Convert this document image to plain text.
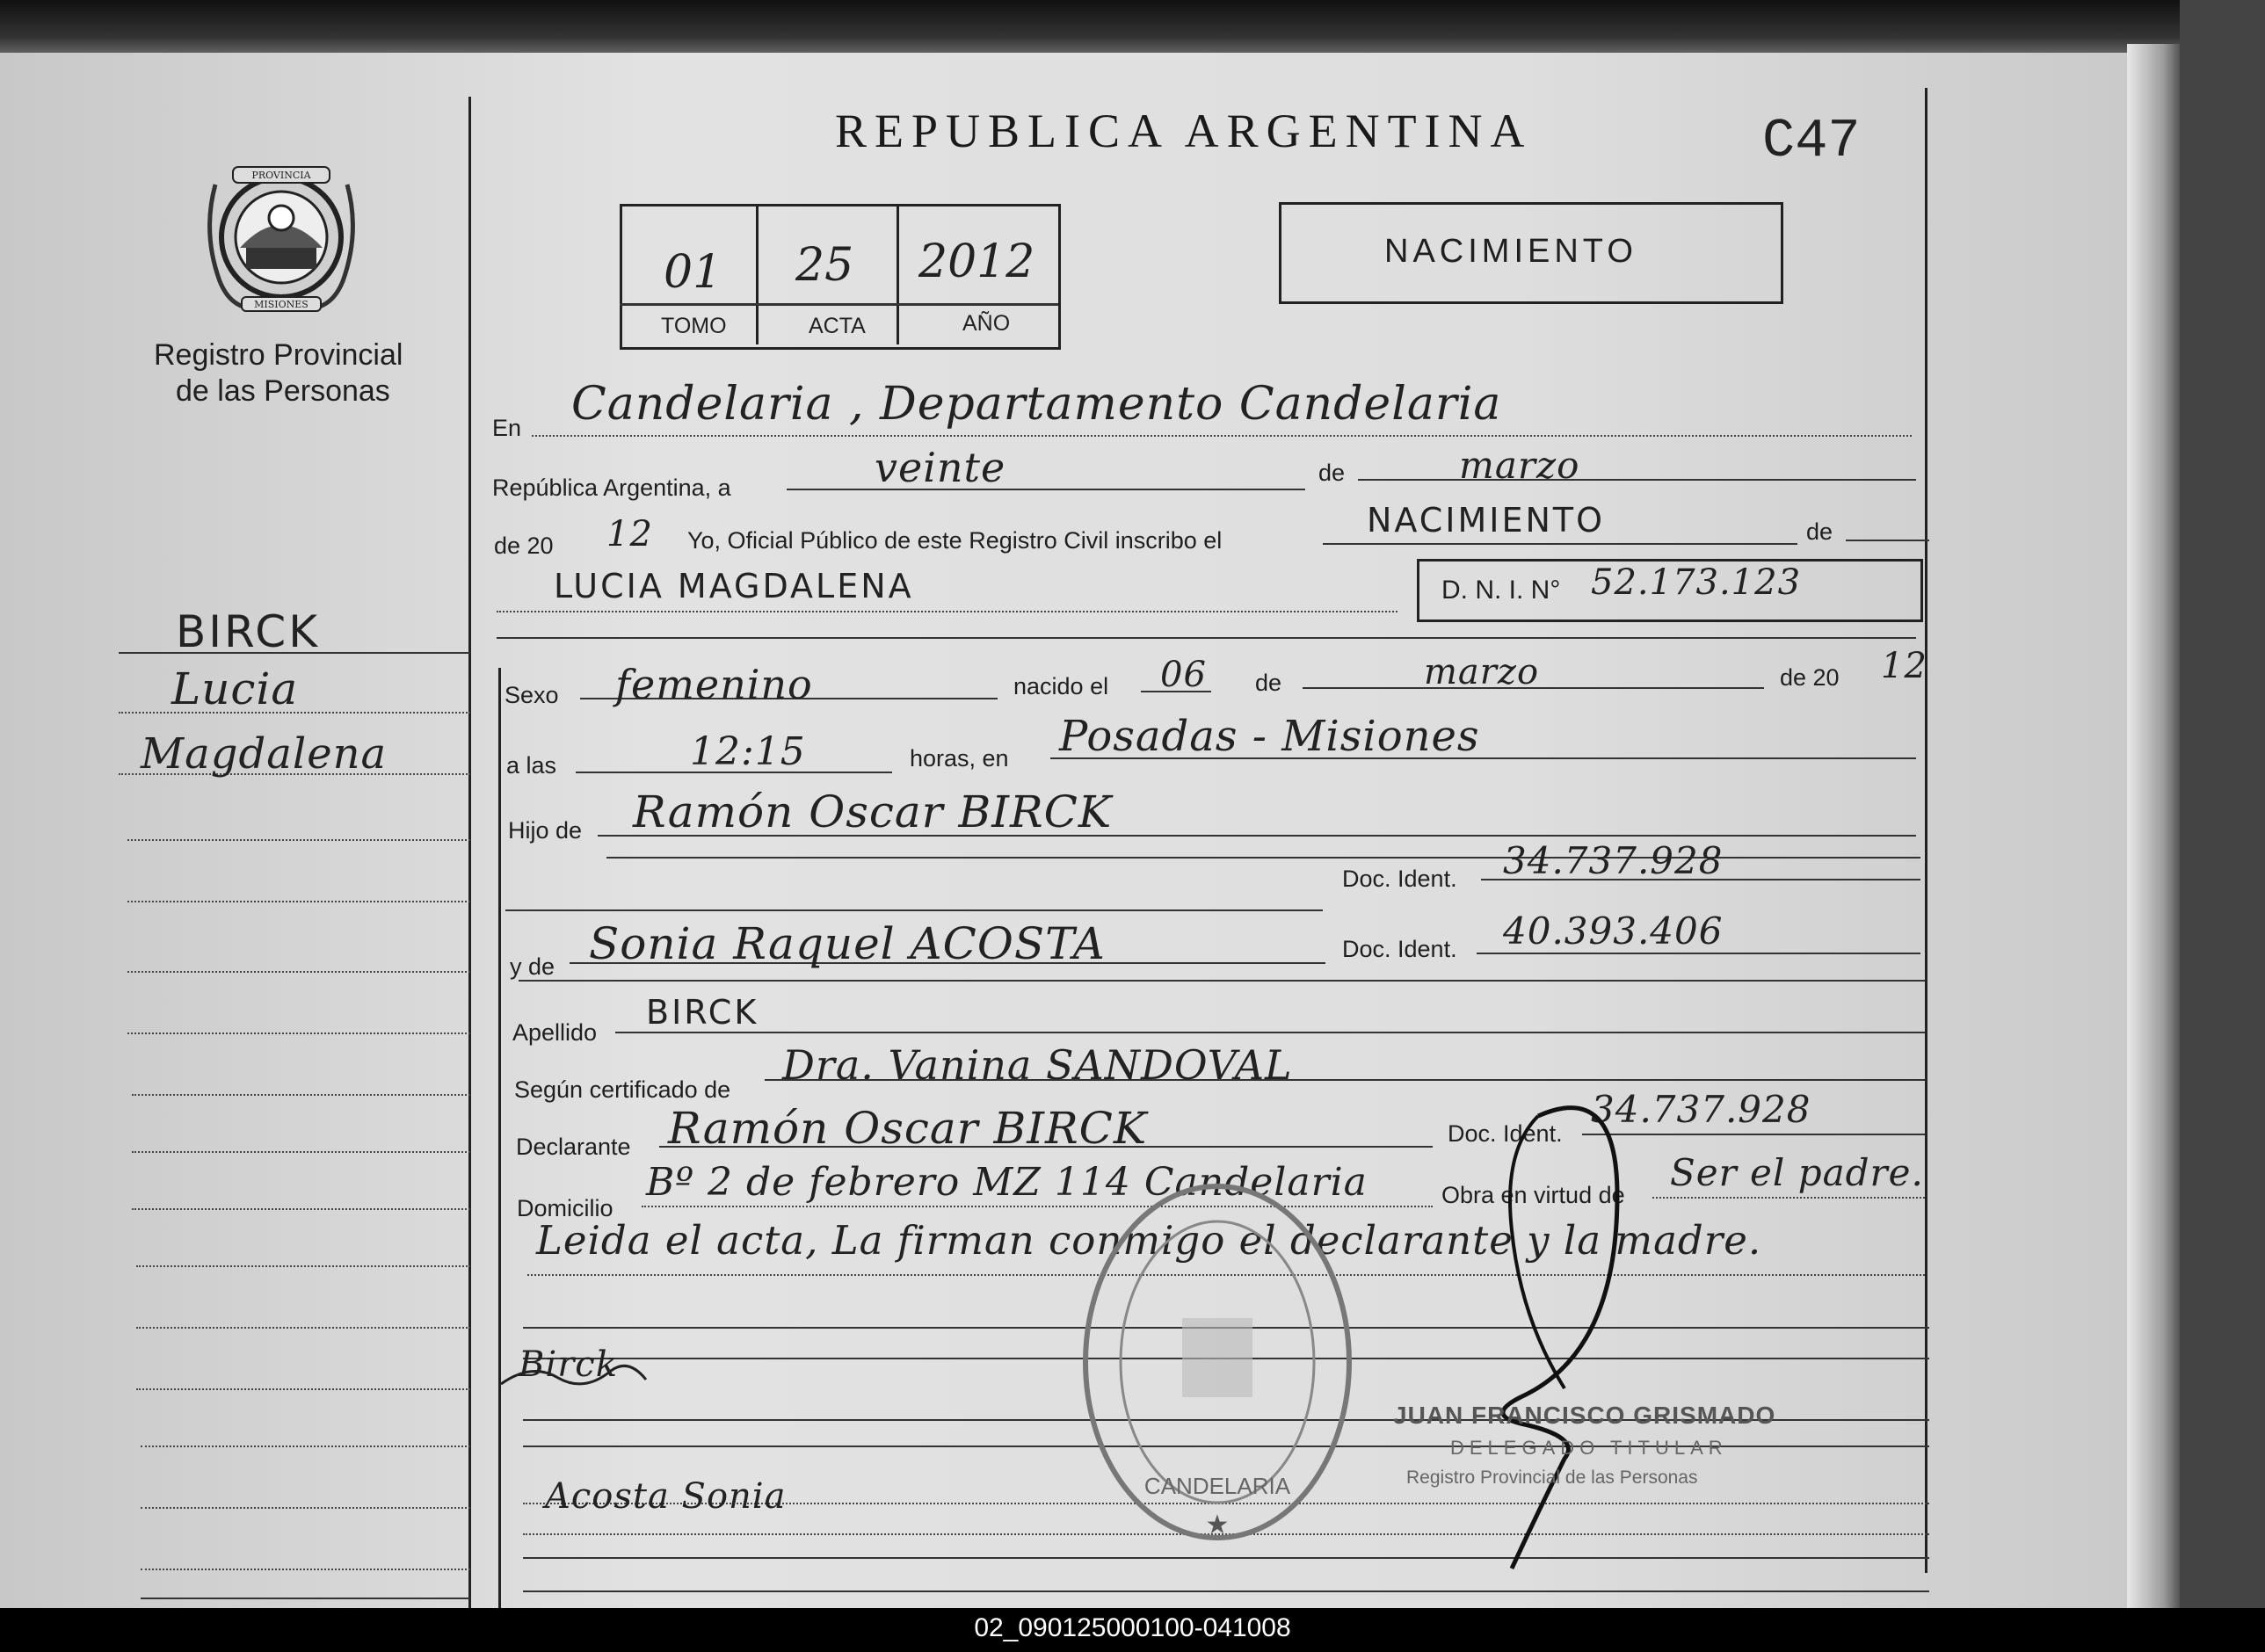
PROVINCIA
MISIONES
Registro Provincial
de las Personas
BIRCK
Lucia
Magdalena
REPUBLICA ARGENTINA	C47
01 25 2012
TOMO	ACTA	AÑO
NACIMIENTO
En Candelaria , Departamento Candelaria
República Argentina, a	veinte	de	marzo
de 20 12 Yo, Oficial Público de este Registro Civil inscribo el
NACIMIENTO	de
LUCIA MAGDALENA	D. N. I. N° 52.173.123
Sexo femenino	nacido el 06 de	marzo	de 20 12
a las	12:15	horas, en Posadas - Misiones
Hijo de Ramón Oscar BIRCK
Doc. Ident. 34.737.928
y de Sonia Raquel ACOSTA	Doc. Ident. 40.393.406
Apellido
BIRCK
Según certificado de
Dra. Vanina SANDOVAL
Declarante Ramón Oscar BIRCK	Doc. Ident.
34.737.928
Domicilio
Bº 2 de febrero MZ 114 Candelaria	Obra en virtud de
Ser el padre.
Leida el acta, La firman conmigo el declarante y la madre.
Birck
Acosta Sonia	CANDELARIA
★
JUAN FRANCISCO GRISMADO
DELEGADO TITULAR
Registro Provincial de las Personas
02_090125000100-041008
